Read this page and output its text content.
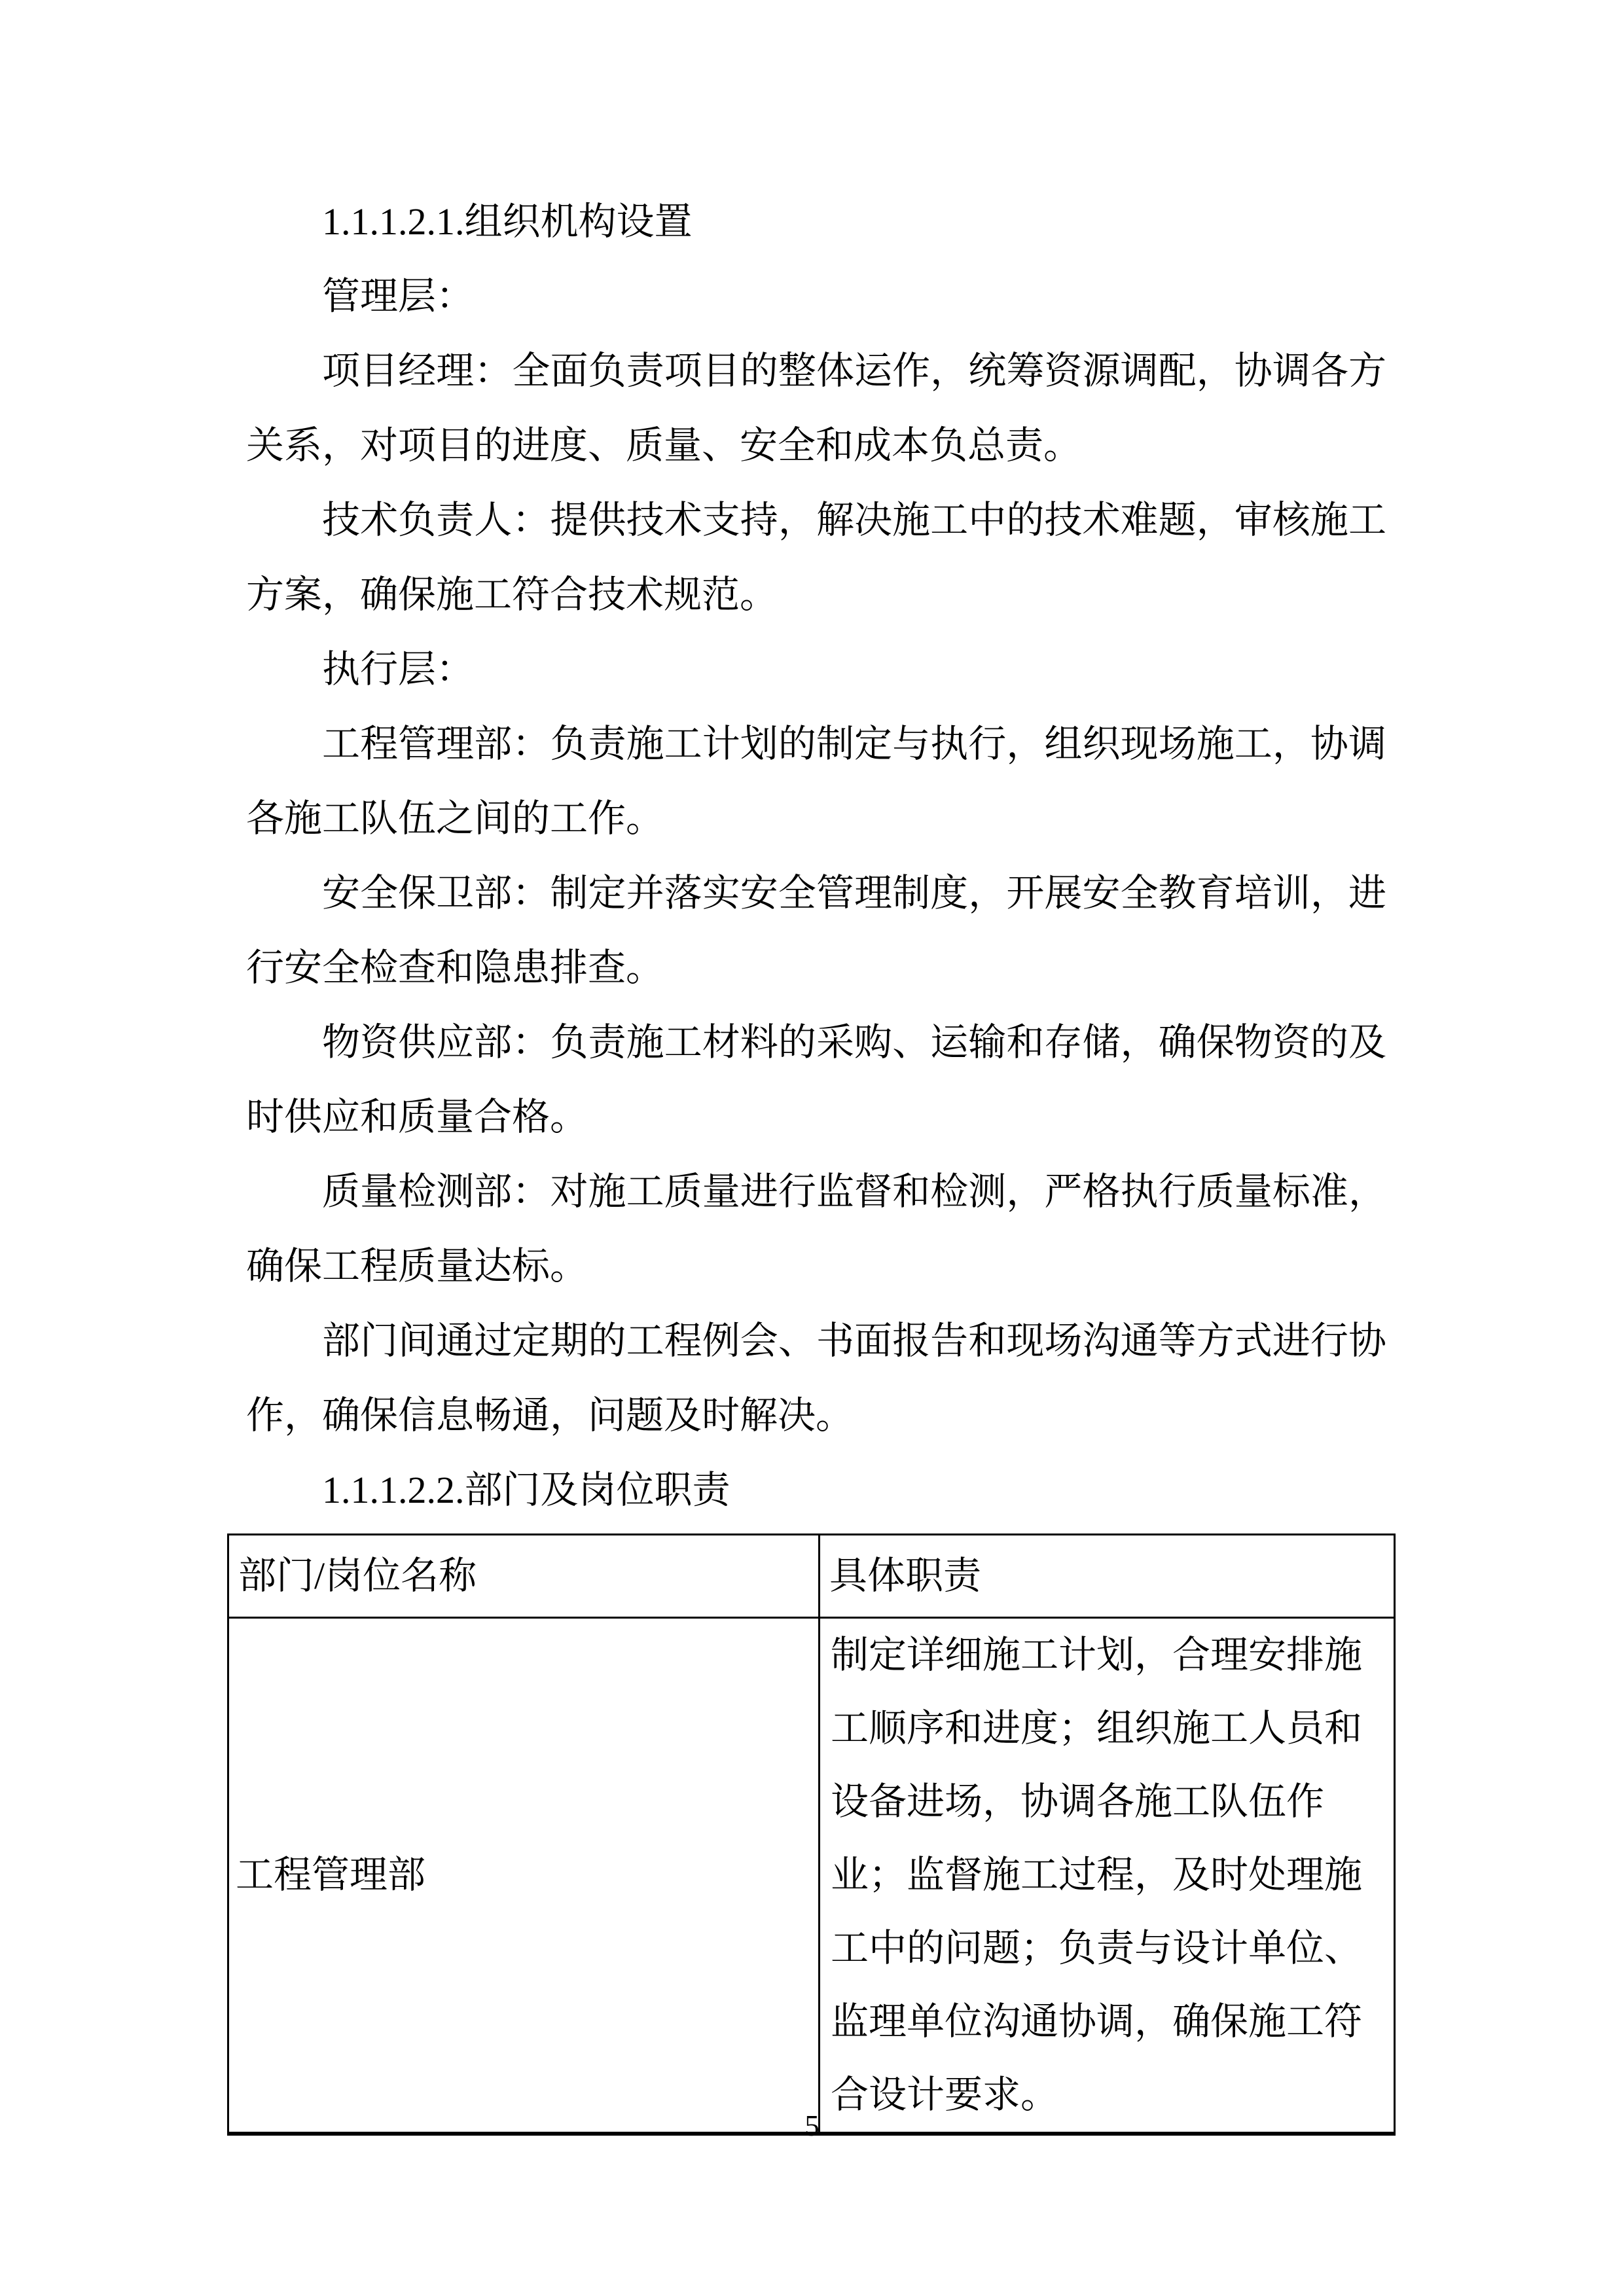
1.1.1.2.1.组织机构设置

管理层：

项目经理：全面负责项目的整体运作，统筹资源调配，协调各方关系，对项目的进度、质量、安全和成本负总责。

技术负责人：提供技术支持，解决施工中的技术难题，审核施工方案，确保施工符合技术规范。

执行层：

工程管理部：负责施工计划的制定与执行，组织现场施工，协调各施工队伍之间的工作。

安全保卫部：制定并落实安全管理制度，开展安全教育培训，进行安全检查和隐患排查。

物资供应部：负责施工材料的采购、运输和存储，确保物资的及时供应和质量合格。

质量检测部：对施工质量进行监督和检测，严格执行质量标准，确保工程质量达标。

部门间通过定期的工程例会、书面报告和现场沟通等方式进行协作，确保信息畅通，问题及时解决。

1.1.1.2.2.部门及岗位职责

部门/岗位名称	具体职责
工程管理部	制定详细施工计划，合理安排施工顺序和进度；组织施工人员和设备进场，协调各施工队伍作业；监督施工过程，及时处理施工中的问题；负责与设计单位、监理单位沟通协调，确保施工符合设计要求。
5
